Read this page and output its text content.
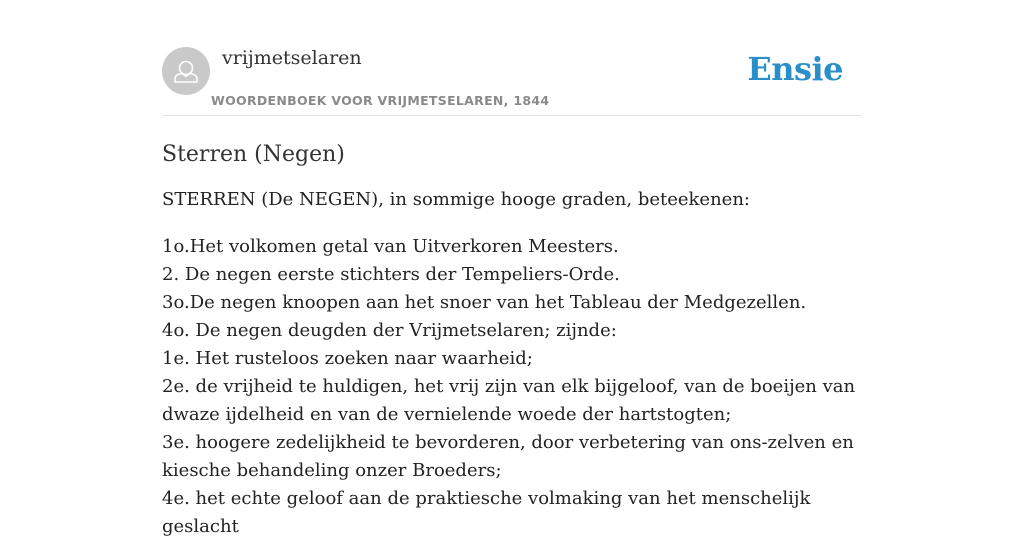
vrijmetselaren
WOORDENBOEK VOOR VRIJMETSELAREN, 1844
Ensie
Sterren (Negen)

STERREN (De NEGEN), in sommige hooge graden, beteekenen:

1o.Het volkomen getal van Uitverkoren Meesters.
2. De negen eerste stichters der Tempeliers-Orde.
3o.De negen knoopen aan het snoer van het Tableau der Medgezellen.
4o. De negen deugden der Vrijmetselaren; zijnde:
1e. Het rusteloos zoeken naar waarheid;
2e. de vrijheid te huldigen, het vrij zijn van elk bijgeloof, van de boeijen van dwaze ijdelheid en van de vernielende woede der hartstogten;
3e. hoogere zedelijkheid te bevorderen, door verbetering van ons-zelven en kiesche behandeling onzer Broeders;
4e. het echte geloof aan de praktiesche volmaking van het menschelijk geslacht
